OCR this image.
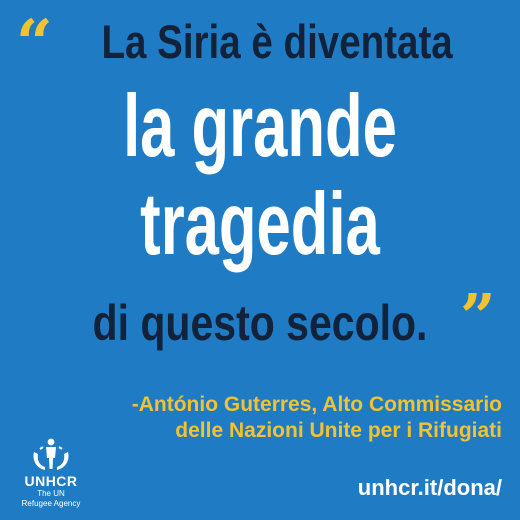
“	La Siria è diventata
la grande
tragedia
di questo secolo. ”
-António Guterres, Alto Commissario
delle Nazioni Unite per i Rifugiati
UNHCR
The UN
Refugee Agency
unhcr.it/dona/
